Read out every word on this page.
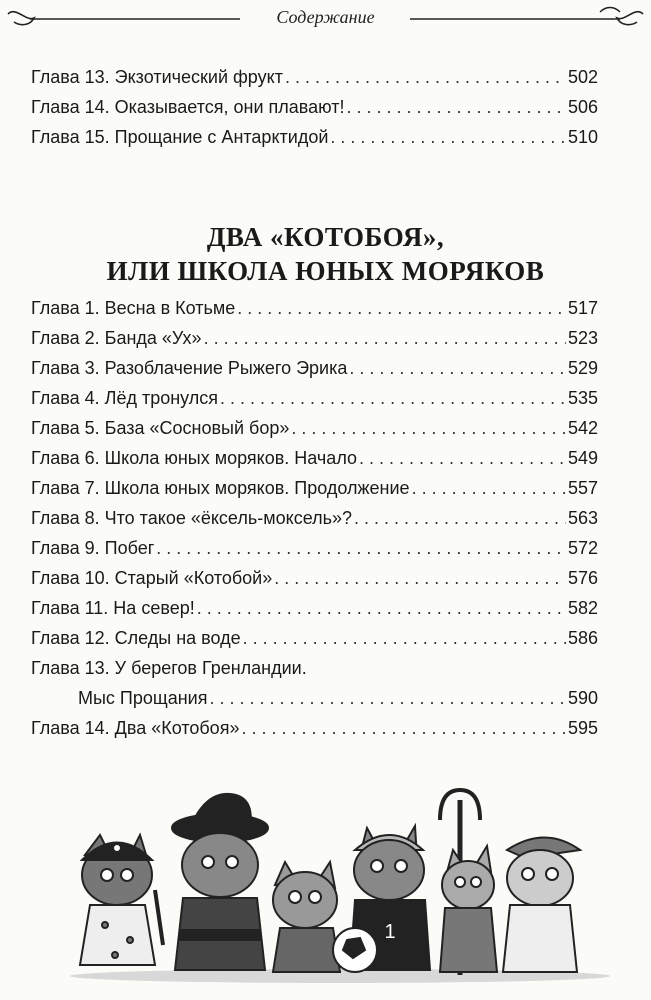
Содержание
Глава 13. Экзотический фрукт . . .	502
Глава 14. Оказывается, они плавают! . . .	506
Глава 15. Прощание с Антарктидой . . .	510
ДВА «КОТОБОЯ»,
ИЛИ ШКОЛА ЮНЫХ МОРЯКОВ
Глава 1. Весна в Котьме . . .	517
Глава 2. Банда «Ух» . . .	523
Глава 3. Разоблачение Рыжего Эрика . . .	529
Глава 4. Лёд тронулся . . .	535
Глава 5. База «Сосновый бор» . . .	542
Глава 6. Школа юных моряков. Начало . . .	549
Глава 7. Школа юных моряков. Продолжение . . .	557
Глава 8. Что такое «ёксель-моксель»? . . .	563
Глава 9. Побег . . .	572
Глава 10. Старый «Котобой» . . .	576
Глава 11. На север! . . .	582
Глава 12. Следы на воде . . .	586
Глава 13. У берегов Гренландии.
Мыс Прощания . . .	590
Глава 14. Два «Котобоя» . . .	595
1
